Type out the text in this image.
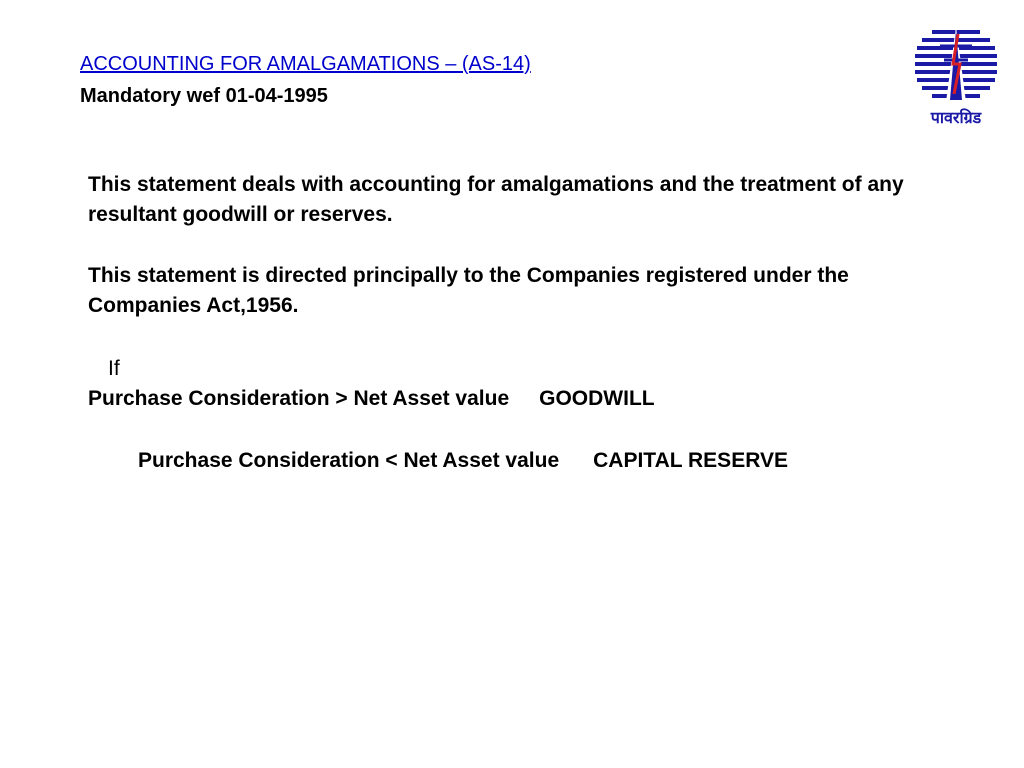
ACCOUNTING FOR AMALGAMATIONS – (AS-14)
Mandatory wef 01-04-1995
पावरग्रिड
This statement deals with accounting for amalgamations and the treatment of any resultant goodwill or reserves.
This statement is directed principally to the Companies registered under the Companies Act,1956.
If
Purchase Consideration > Net Asset value GOODWILL
Purchase Consideration < Net Asset value CAPITAL RESERVE
